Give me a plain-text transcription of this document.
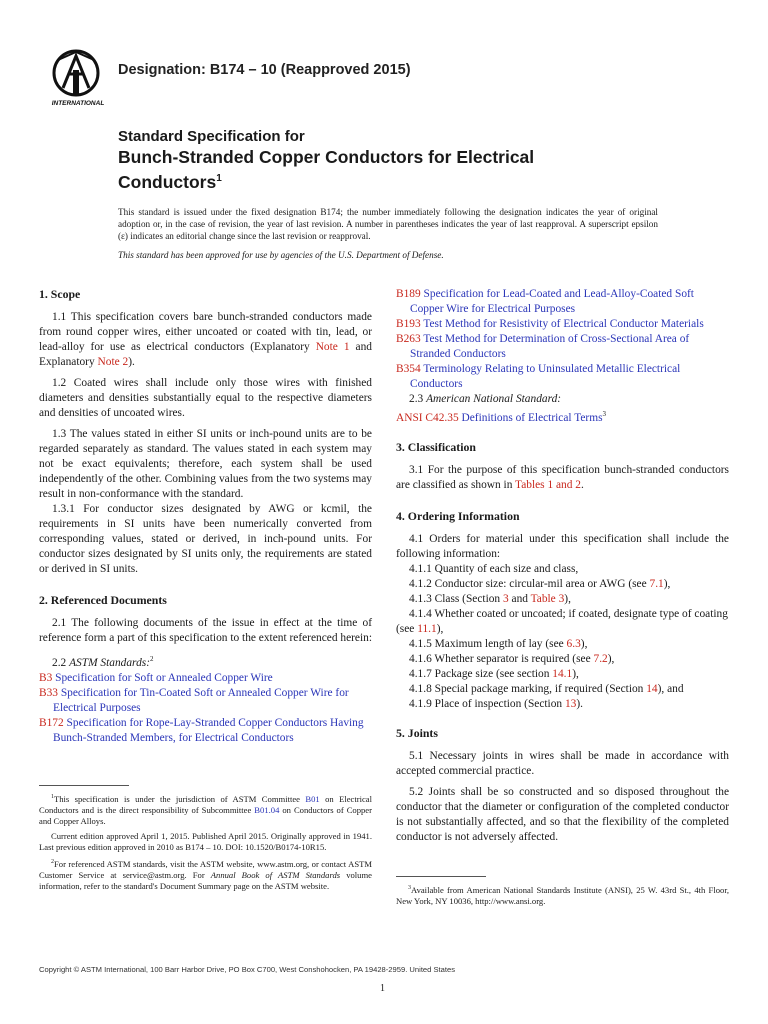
INTERNATIONAL
Designation: B174 – 10 (Reapproved 2015)

Standard Specification for

Bunch-Stranded Copper Conductors for Electrical Conductors$^1$

This standard is issued under the fixed designation B174; the number immediately following the designation indicates the year of original adoption or, in the case of revision, the year of last revision. A number in parentheses indicates the year of last reapproval. A superscript epsilon (ε) indicates an editorial change since the last revision or reapproval.

This standard has been approved for use by agencies of the U.S. Department of Defense.

1. Scope

1.1 This specification covers bare bunch-stranded conductors made from round copper wires, either uncoated or coated with tin, lead, or lead-alloy for use as electrical conductors (Explanatory Note 1 and Explanatory Note 2).

1.2 Coated wires shall include only those wires with finished diameters and densities substantially equal to the respective diameters and densities of uncoated wires.

1.3 The values stated in either SI units or inch-pound units are to be regarded separately as standard. The values stated in each system may not be exact equivalents; therefore, each system shall be used independently of the other. Combining values from the two systems may result in non-conformance with the standard.

1.3.1 For conductor sizes designated by AWG or kcmil, the requirements in SI units have been numerically converted from corresponding values, stated or derived, in inch-pound units. For conductor sizes designated by SI units only, the requirements are stated or derived in SI units.

2. Referenced Documents

2.1 The following documents of the issue in effect at the time of reference form a part of this specification to the extent referenced herein:

2.2 ASTM Standards:$^2$

B3 Specification for Soft or Annealed Copper Wire
B33 Specification for Tin-Coated Soft or Annealed Copper Wire for Electrical Purposes
B172 Specification for Rope-Lay-Stranded Copper Conductors Having Bunch-Stranded Members, for Electrical Conductors

$^1$This specification is under the jurisdiction of ASTM Committee B01 on Electrical Conductors and is the direct responsibility of Subcommittee B01.04 on Conductors of Copper and Copper Alloys.

Current edition approved April 1, 2015. Published April 2015. Originally approved in 1941. Last previous edition approved in 2010 as B174 – 10. DOI: 10.1520/B0174-10R15.

$^2$For referenced ASTM standards, visit the ASTM website, www.astm.org, or contact ASTM Customer Service at service@astm.org. For Annual Book of ASTM Standards volume information, refer to the standard's Document Summary page on the ASTM website.

B189 Specification for Lead-Coated and Lead-Alloy-Coated Soft Copper Wire for Electrical Purposes
B193 Test Method for Resistivity of Electrical Conductor Materials
B263 Test Method for Determination of Cross-Sectional Area of Stranded Conductors
B354 Terminology Relating to Uninsulated Metallic Electrical Conductors

2.3 American National Standard:

ANSI C42.35 Definitions of Electrical Terms$^3$
3. Classification

3.1 For the purpose of this specification bunch-stranded conductors are classified as shown in Tables 1 and 2.

4. Ordering Information

4.1 Orders for material under this specification shall include the following information:

4.1.1 Quantity of each size and class,

4.1.2 Conductor size: circular-mil area or AWG (see 7.1),

4.1.3 Class (Section 3 and Table 3),

4.1.4 Whether coated or uncoated; if coated, designate type of coating (see 11.1),

4.1.5 Maximum length of lay (see 6.3),

4.1.6 Whether separator is required (see 7.2),

4.1.7 Package size (see section 14.1),

4.1.8 Special package marking, if required (Section 14), and

4.1.9 Place of inspection (Section 13).

5. Joints

5.1 Necessary joints in wires shall be made in accordance with accepted commercial practice.

5.2 Joints shall be so constructed and so disposed throughout the conductor that the diameter or configuration of the completed conductor is not substantially affected, and so that the flexibility of the completed conductor is not adversely affected.

$^3$Available from American National Standards Institute (ANSI), 25 W. 43rd St., 4th Floor, New York, NY 10036, http://www.ansi.org.

Copyright © ASTM International, 100 Barr Harbor Drive, PO Box C700, West Conshohocken, PA 19428-2959. United States
1
